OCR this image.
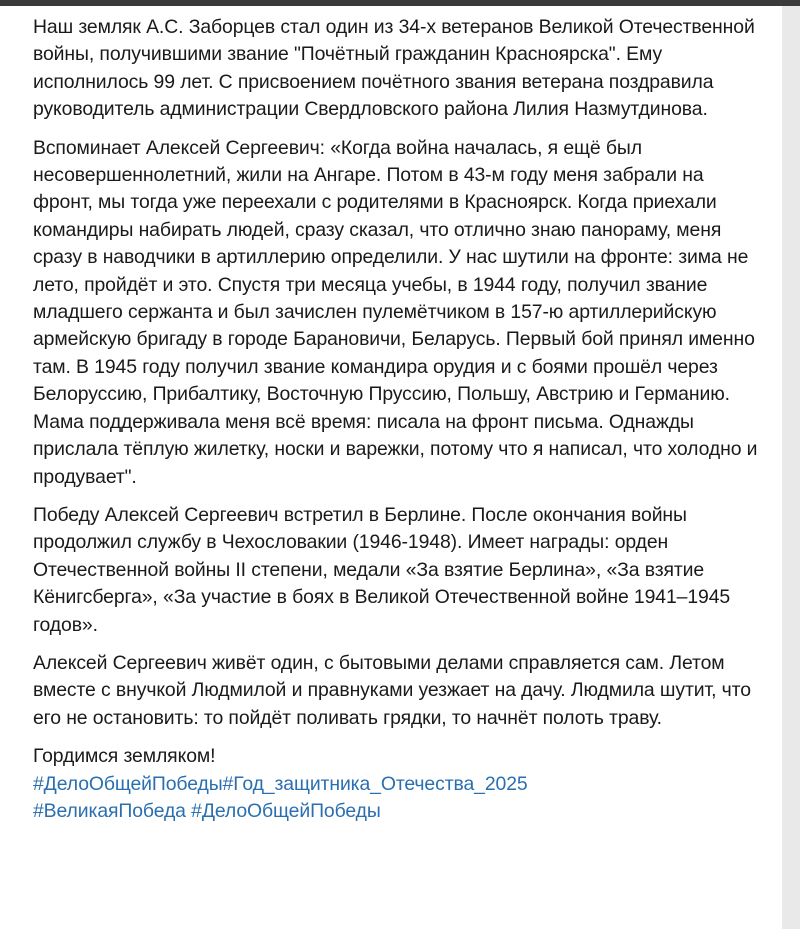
Наш земляк А.С. Заборцев стал один из 34-х ветеранов Великой Отечественной войны, получившими звание "Почётный гражданин Красноярска". Ему исполнилось 99 лет. С присвоением почётного звания ветерана поздравила руководитель администрации Свердловского района Лилия Назмутдинова.

Вспоминает Алексей Сергеевич: «Когда война началась, я ещё был несовершеннолетний, жили на Ангаре. Потом в 43-м году меня забрали на фронт, мы тогда уже переехали с родителями в Красноярск. Когда приехали командиры набирать людей, сразу сказал, что отлично знаю панораму, меня сразу в наводчики в артиллерию определили. У нас шутили на фронте: зима не лето, пройдёт и это. Спустя три месяца учебы, в 1944 году, получил звание младшего сержанта и был зачислен пулемётчиком в 157-ю артиллерийскую армейскую бригаду в городе Барановичи, Беларусь. Первый бой принял именно там. В 1945 году получил звание командира орудия и с боями прошёл через Белоруссию, Прибалтику, Восточную Пруссию, Польшу, Австрию и Германию.

Мама поддерживала меня всё время: писала на фронт письма. Однажды прислала тёплую жилетку, носки и варежки, потому что я написал, что холодно и продувает".

Победу Алексей Сергеевич встретил в Берлине. После окончания войны продолжил службу в Чехословакии (1946-1948). Имеет награды: орден Отечественной войны II степени, медали «За взятие Берлина», «За взятие Кёнигсберга», «За участие в боях в Великой Отечественной войне 1941–1945 годов».

Алексей Сергеевич живёт один, с бытовыми делами справляется сам. Летом вместе с внучкой Людмилой и правнуками уезжает на дачу. Людмила шутит, что его не остановить: то пойдёт поливать грядки, то начнёт полоть траву.

Гордимся земляком!

#ДелоОбщейПобеды#Год_защитника_Отечества_2025

#ВеликаяПобеда #ДелоОбщейПобеды
